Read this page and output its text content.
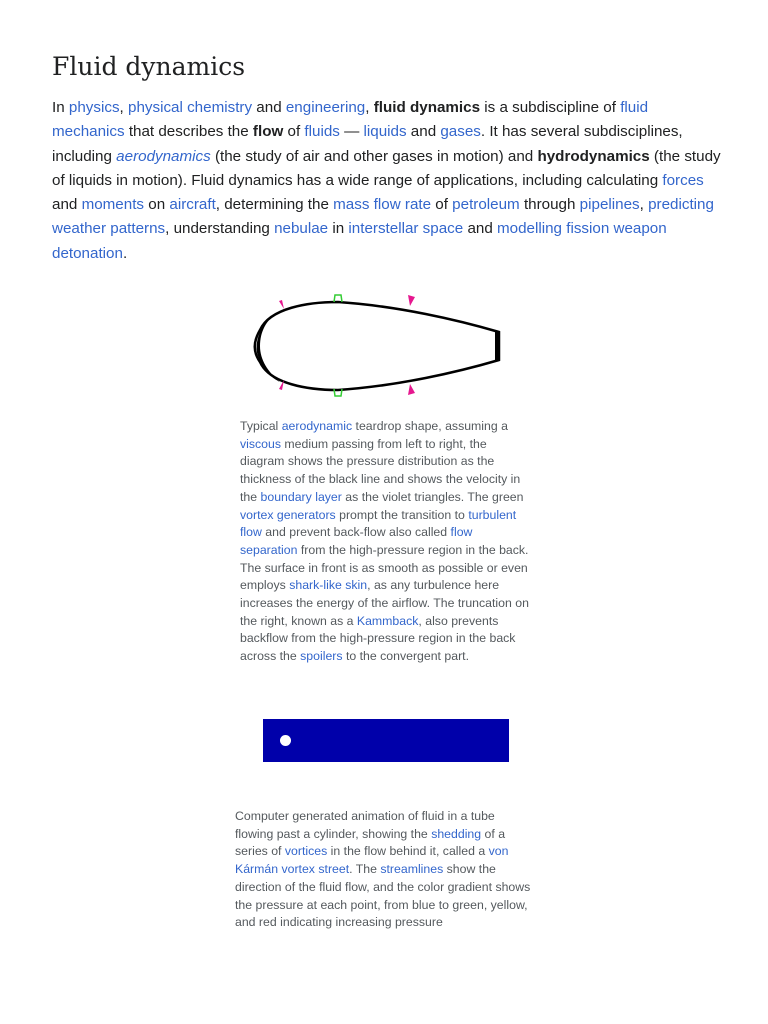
Fluid dynamics

In physics, physical chemistry and engineering, fluid dynamics is a subdiscipline of fluid mechanics that describes the flow of fluids — liquids and gases. It has several subdisciplines, including aerodynamics (the study of air and other gases in motion) and hydrodynamics (the study of liquids in motion). Fluid dynamics has a wide range of applications, including calculating forces and moments on aircraft, determining the mass flow rate of petroleum through pipelines, predicting weather patterns, understanding nebulae in interstellar space and modelling fission weapon detonation.

Typical aerodynamic teardrop shape, assuming a viscous medium passing from left to right, the diagram shows the pressure distribution as the thickness of the black line and shows the velocity in the boundary layer as the violet triangles. The green vortex generators prompt the transition to turbulent flow and prevent back-flow also called flow separation from the high-pressure region in the back. The surface in front is as smooth as possible or even employs shark-like skin, as any turbulence here increases the energy of the airflow. The truncation on the right, known as a Kammback, also prevents backflow from the high-pressure region in the back across the spoilers to the convergent part.

Computer generated animation of fluid in a tube flowing past a cylinder, showing the shedding of a series of vortices in the flow behind it, called a von Kármán vortex street. The streamlines show the direction of the fluid flow, and the color gradient shows the pressure at each point, from blue to green, yellow, and red indicating increasing pressure
